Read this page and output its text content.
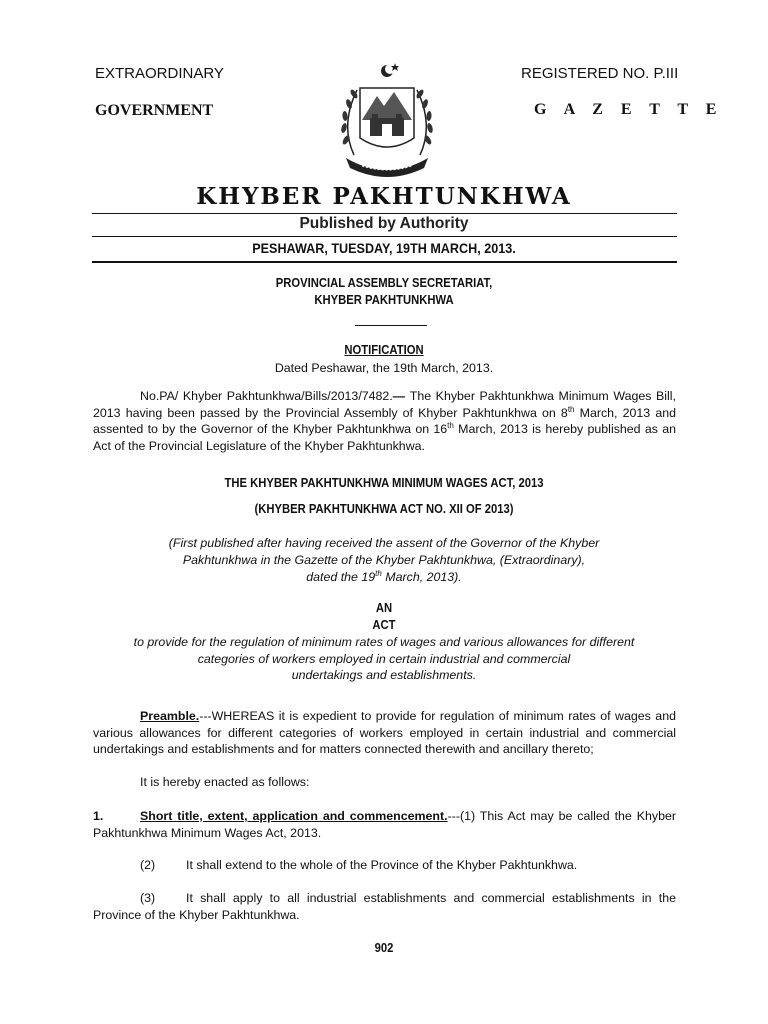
EXTRAORDINARY	REGISTERED NO. P.III
GOVERNMENT	G A Z E T T E
KHYBER PAKHTUNKHWA
Published by Authority
PESHAWAR, TUESDAY, 19TH MARCH, 2013.
PROVINCIAL ASSEMBLY SECRETARIAT,
KHYBER PAKHTUNKHWA
NOTIFICATION
Dated Peshawar, the 19th March, 2013.
No.PA/ Khyber Pakhtunkhwa/Bills/2013/7482.— The Khyber Pakhtunkhwa Minimum Wages Bill, 2013 having been passed by the Provincial Assembly of Khyber Pakhtunkhwa on 8th March, 2013 and assented to by the Governor of the Khyber Pakhtunkhwa on 16th March, 2013 is hereby published as an Act of the Provincial Legislature of the Khyber Pakhtunkhwa.
THE KHYBER PAKHTUNKHWA MINIMUM WAGES ACT, 2013
(KHYBER PAKHTUNKHWA ACT NO. XII OF 2013)
(First published after having received the assent of the Governor of the Khyber
Pakhtunkhwa in the Gazette of the Khyber Pakhtunkhwa, (Extraordinary),
dated the 19th March, 2013).
AN
ACT
to provide for the regulation of minimum rates of wages and various allowances for different
categories of workers employed in certain industrial and commercial
undertakings and establishments.
Preamble.---WHEREAS it is expedient to provide for regulation of minimum rates of wages and various allowances for different categories of workers employed in certain industrial and commercial undertakings and establishments and for matters connected therewith and ancillary thereto;
It is hereby enacted as follows:
1.	Short title, extent, application and commencement.---(1) This Act may be called the Khyber Pakhtunkhwa Minimum Wages Act, 2013.
(2) It shall extend to the whole of the Province of the Khyber Pakhtunkhwa.
(3) It shall apply to all industrial establishments and commercial establishments in the Province of the Khyber Pakhtunkhwa.
902
